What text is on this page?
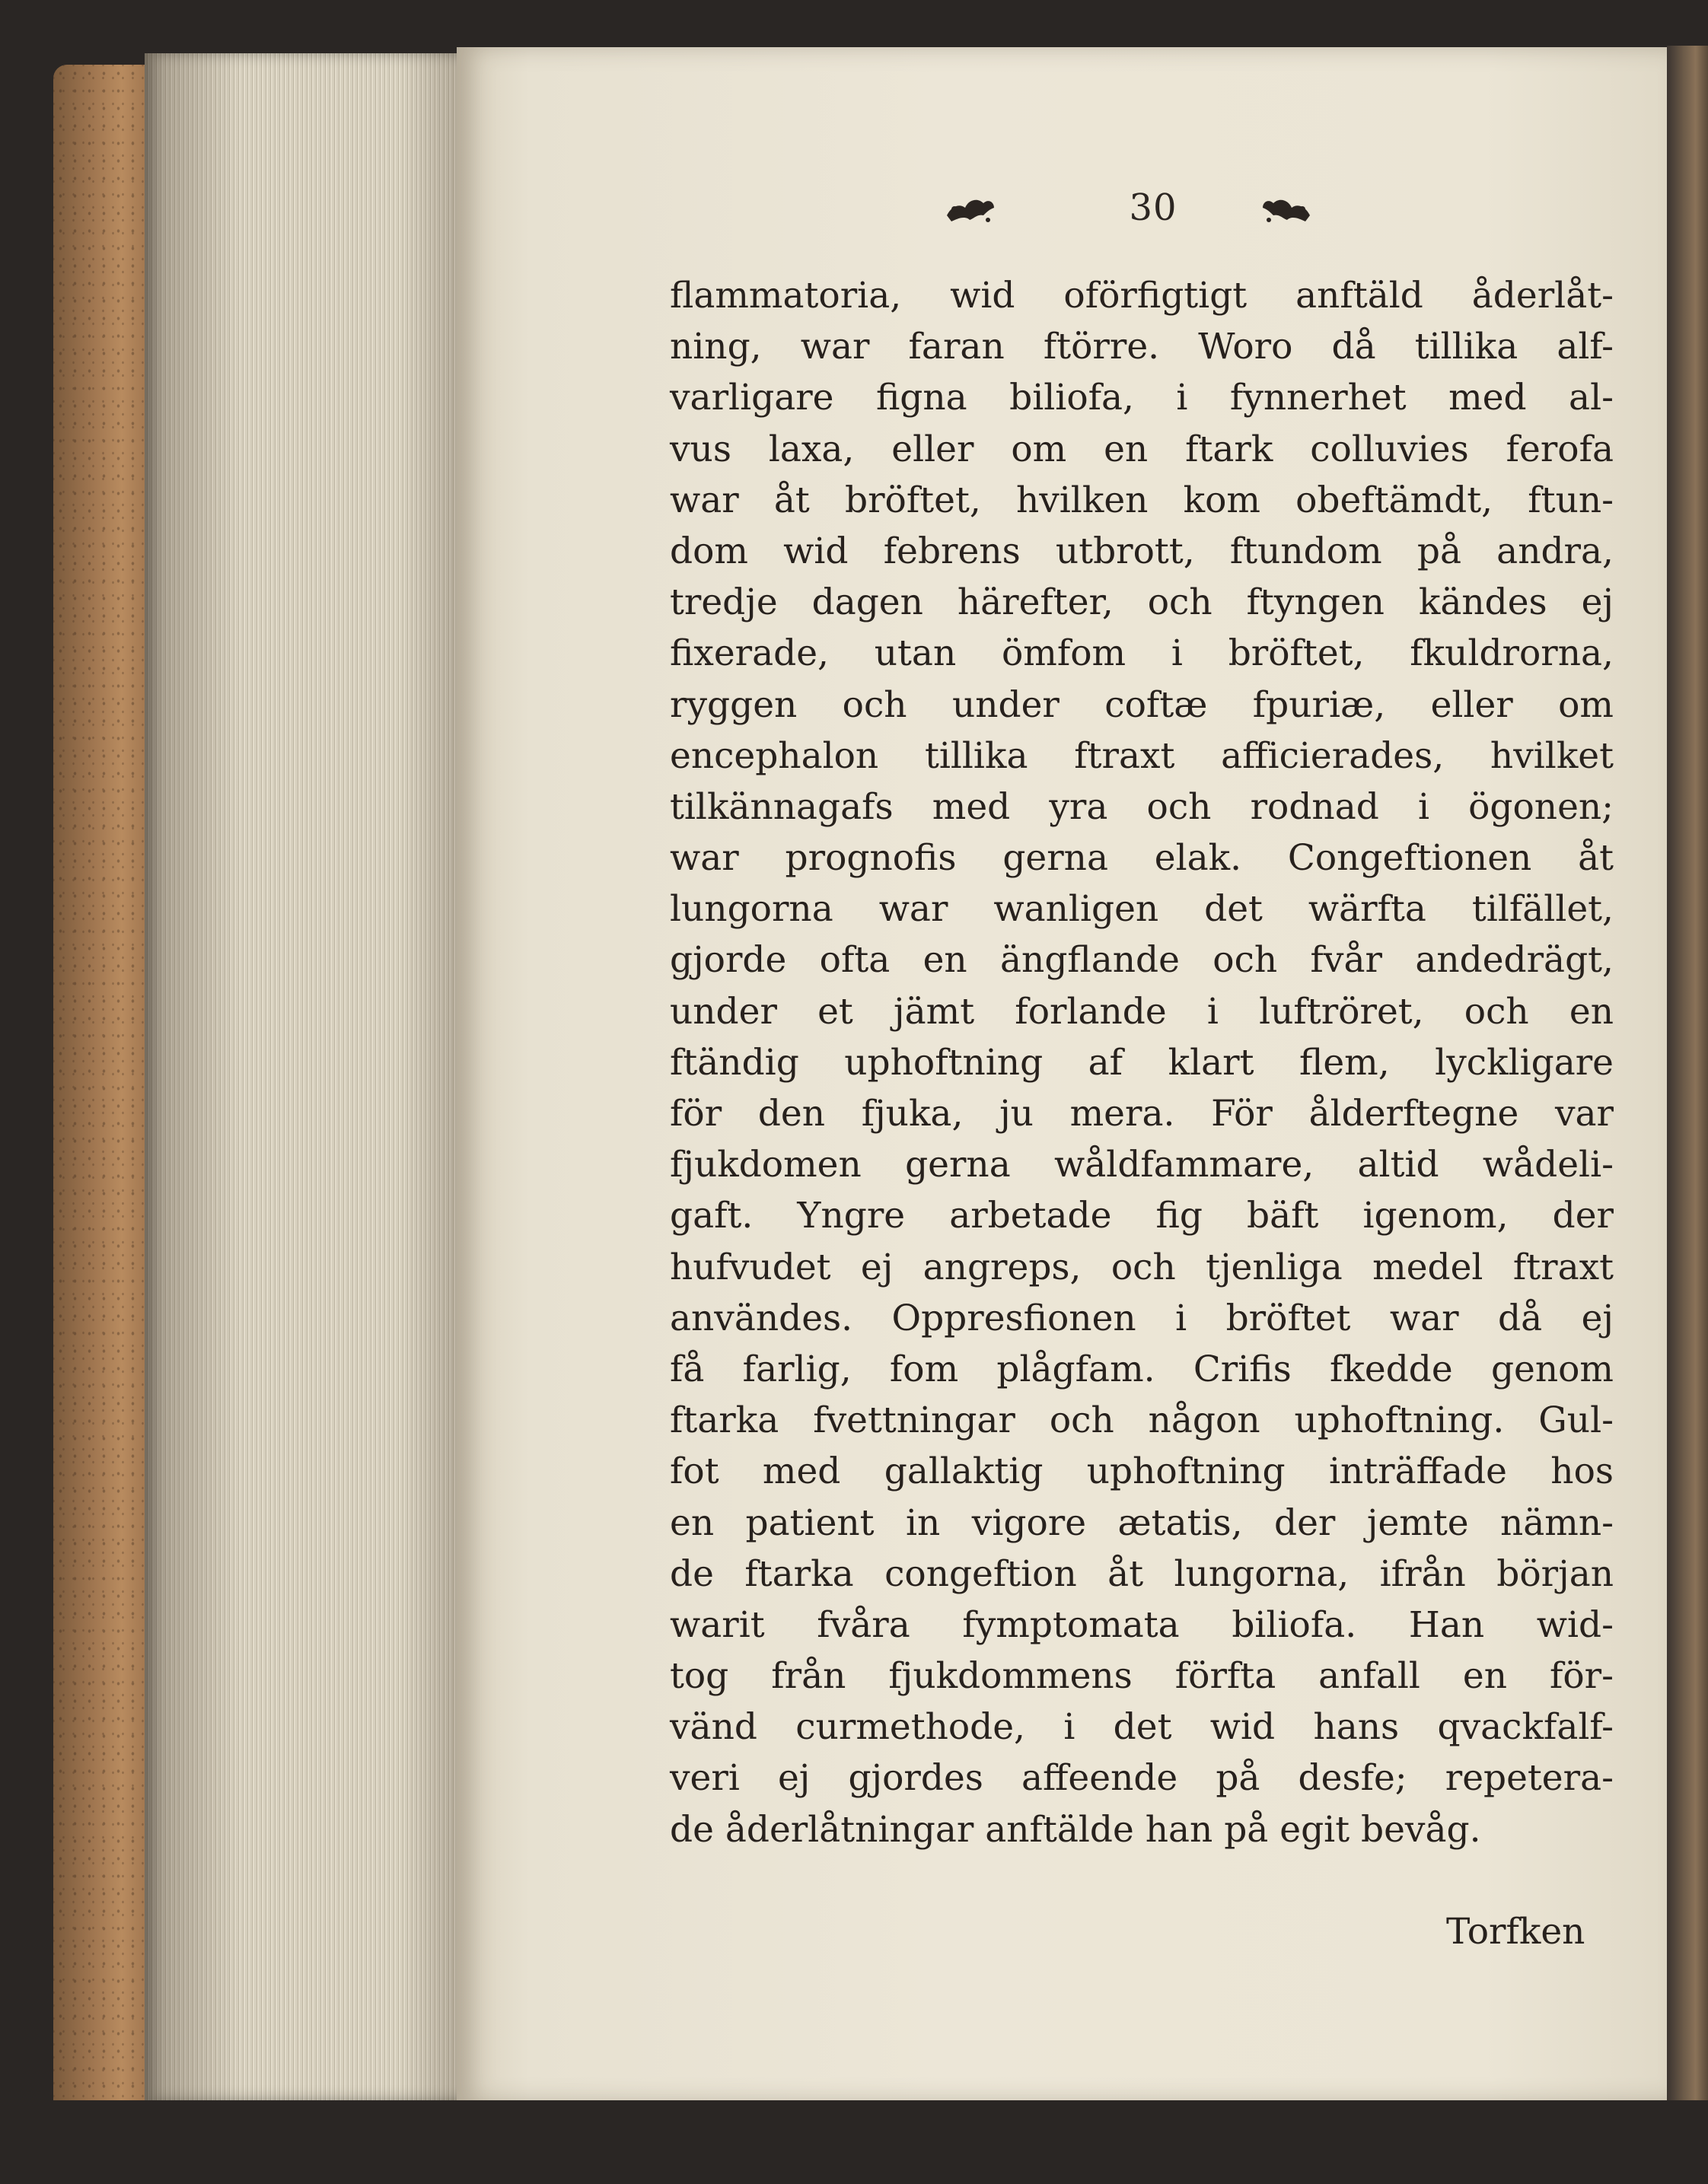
30
flammatoria, wid oförfigtigt anftäld åderlåt-
ning, war faran ftörre. Woro då tillika alf-
varligare figna biliofa, i fynnerhet med al-
vus laxa, eller om en ftark colluvies ferofa
war åt bröftet, hvilken kom obeftämdt, ftun-
dom wid febrens utbrott, ftundom på andra,
tredje dagen härefter, och ftyngen kändes ej
fixerade, utan ömfom i bröftet, fkuldrorna,
ryggen och under coftæ fpuriæ, eller om
encephalon tillika ftraxt afficierades, hvilket
tilkännagafs med yra och rodnad i ögonen;
war prognofis gerna elak. Congeftionen åt
lungorna war wanligen det wärfta tilfället,
gjorde ofta en ängflande och fvår andedrägt,
under et jämt forlande i luftröret, och en
ftändig uphoftning af klart flem, lyckligare
för den fjuka, ju mera. För ålderftegne var
fjukdomen gerna wåldfammare, altid wådeli-
gaft. Yngre arbetade fig bäft igenom, der
hufvudet ej angreps, och tjenliga medel ftraxt
användes. Oppresfionen i bröftet war då ej
få farlig, fom plågfam. Crifis fkedde genom
ftarka fvettningar och någon uphoftning. Gul-
fot med gallaktig uphoftning inträffade hos
en patient in vigore ætatis, der jemte nämn-
de ftarka congeftion åt lungorna, ifrån början
warit fvåra fymptomata biliofa. Han wid-
tog från fjukdommens förfta anfall en för-
vänd curmethode, i det wid hans qvackfalf-
veri ej gjordes affeende på desfe; repetera-
de åderlåtningar anftälde han på egit bevåg.
Torfken
